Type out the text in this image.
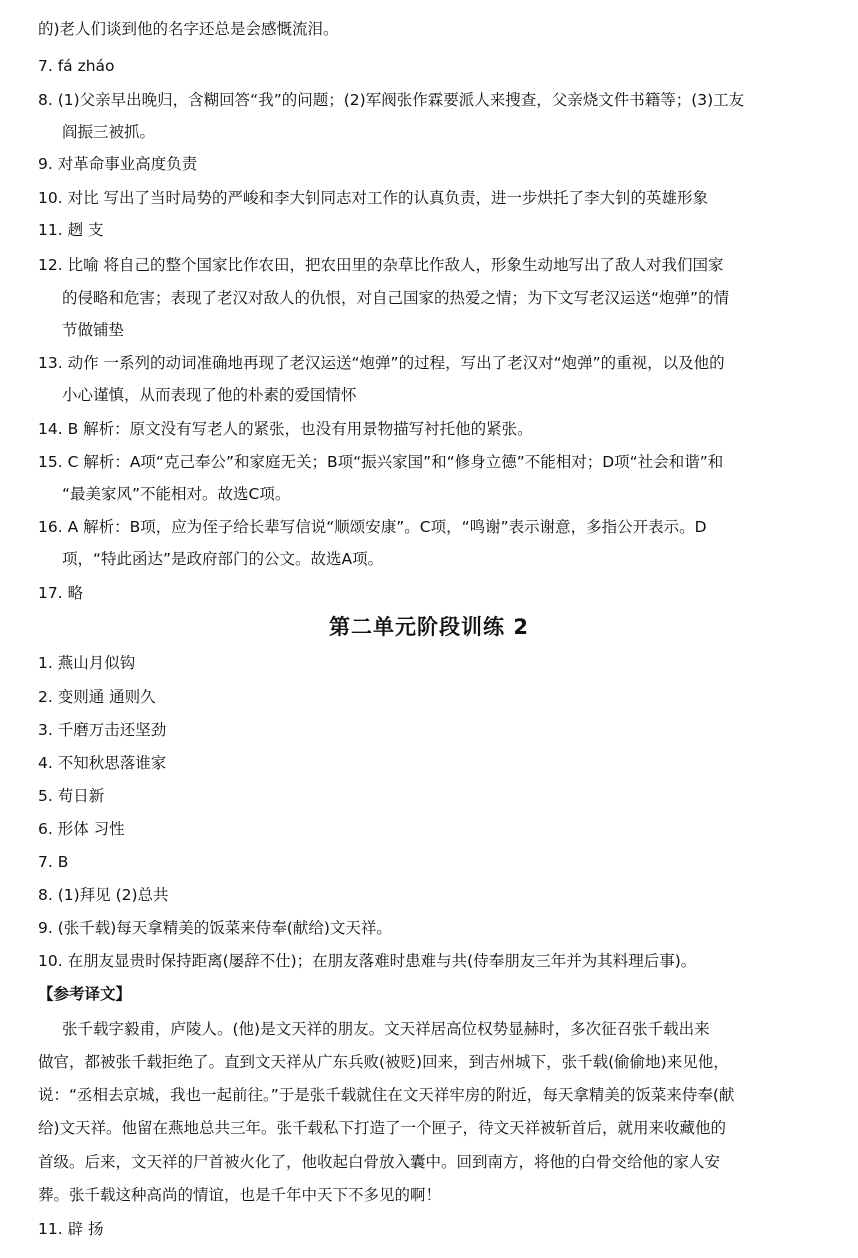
的)老人们谈到他的名字还总是会感慨流泪。
7. fá zháo
8. (1)父亲早出晚归，含糊回答“我”的问题；(2)军阀张作霖要派人来搜查，父亲烧文件书籍等；(3)工友
阎振三被抓。
9. 对革命事业高度负责
10. 对比 写出了当时局势的严峻和李大钊同志对工作的认真负责，进一步烘托了李大钊的英雄形象
11. 趔 支
12. 比喻 将自己的整个国家比作农田，把农田里的杂草比作敌人，形象生动地写出了敌人对我们国家
的侵略和危害；表现了老汉对敌人的仇恨，对自己国家的热爱之情；为下文写老汉运送“炮弹”的情
节做铺垫
13. 动作 一系列的动词准确地再现了老汉运送“炮弹”的过程，写出了老汉对“炮弹”的重视，以及他的
小心谨慎，从而表现了他的朴素的爱国情怀
14. B 解析：原文没有写老人的紧张，也没有用景物描写衬托他的紧张。
15. C 解析：A项“克己奉公”和家庭无关；B项“振兴家国”和“修身立德”不能相对；D项“社会和谐”和
“最美家风”不能相对。故选C项。
16. A 解析：B项，应为侄子给长辈写信说“顺颂安康”。C项，“鸣谢”表示谢意，多指公开表示。D
项，“特此函达”是政府部门的公文。故选A项。
17. 略
第二单元阶段训练 2
1. 燕山月似钩
2. 变则通 通则久
3. 千磨万击还坚劲
4. 不知秋思落谁家
5. 苟日新
6. 形体 习性
7. B
8. (1)拜见 (2)总共
9. (张千载)每天拿精美的饭菜来侍奉(献给)文天祥。
10. 在朋友显贵时保持距离(屡辞不仕)；在朋友落难时患难与共(侍奉朋友三年并为其料理后事)。
【参考译文】
张千载字毅甫，庐陵人。(他)是文天祥的朋友。文天祥居高位权势显赫时，多次征召张千载出来
做官，都被张千载拒绝了。直到文天祥从广东兵败(被贬)回来，到吉州城下，张千载(偷偷地)来见他，
说：“丞相去京城，我也一起前往。”于是张千载就住在文天祥牢房的附近，每天拿精美的饭菜来侍奉(献
给)文天祥。他留在燕地总共三年。张千载私下打造了一个匣子，待文天祥被斩首后，就用来收藏他的
首级。后来，文天祥的尸首被火化了，他收起白骨放入囊中。回到南方，将他的白骨交给他的家人安
葬。张千载这种高尚的情谊，也是千年中天下不多见的啊！
11. 辟 扬
